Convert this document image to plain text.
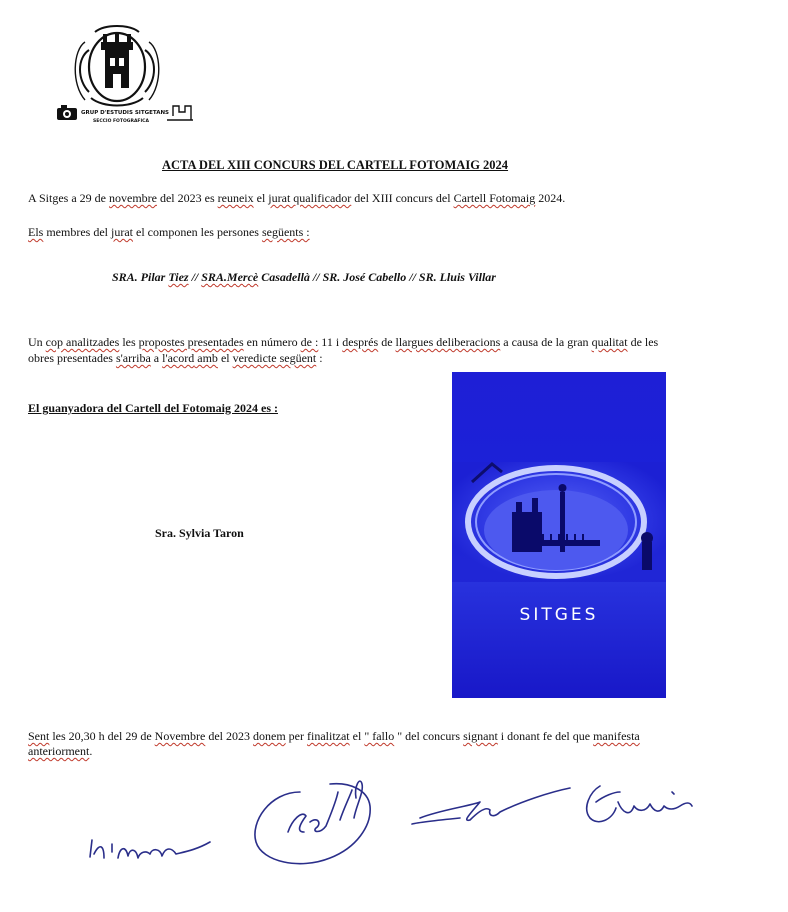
GRUP D'ESTUDIS SITGETANS
SECCIO FOTOGRAFICA
ACTA DEL XIII CONCURS DEL CARTELL FOTOMAIG 2024
A Sitges a 29 de novembre del 2023 es reuneix el jurat qualificador del XIII concurs del Cartell Fotomaig 2024.
Els membres del jurat el componen les persones següents :
SRA. Pilar Tiez // SRA.Mercè Casadellà // SR. José Cabello // SR. Lluis Villar
Un cop analitzades les propostes presentades en número de : 11 i després de llargues deliberacions a causa de la gran qualitat de les
obres presentades s'arriba a l'acord amb el veredicte següent :
El guanyadora del Cartell del Fotomaig 2024 es :
Sra. Sylvia Taron
SITGES
Sent les 20,30 h del 29 de Novembre del 2023 donem per finalitzat el " fallo " del concurs signant i donant fe del que manifesta
anteriorment.
